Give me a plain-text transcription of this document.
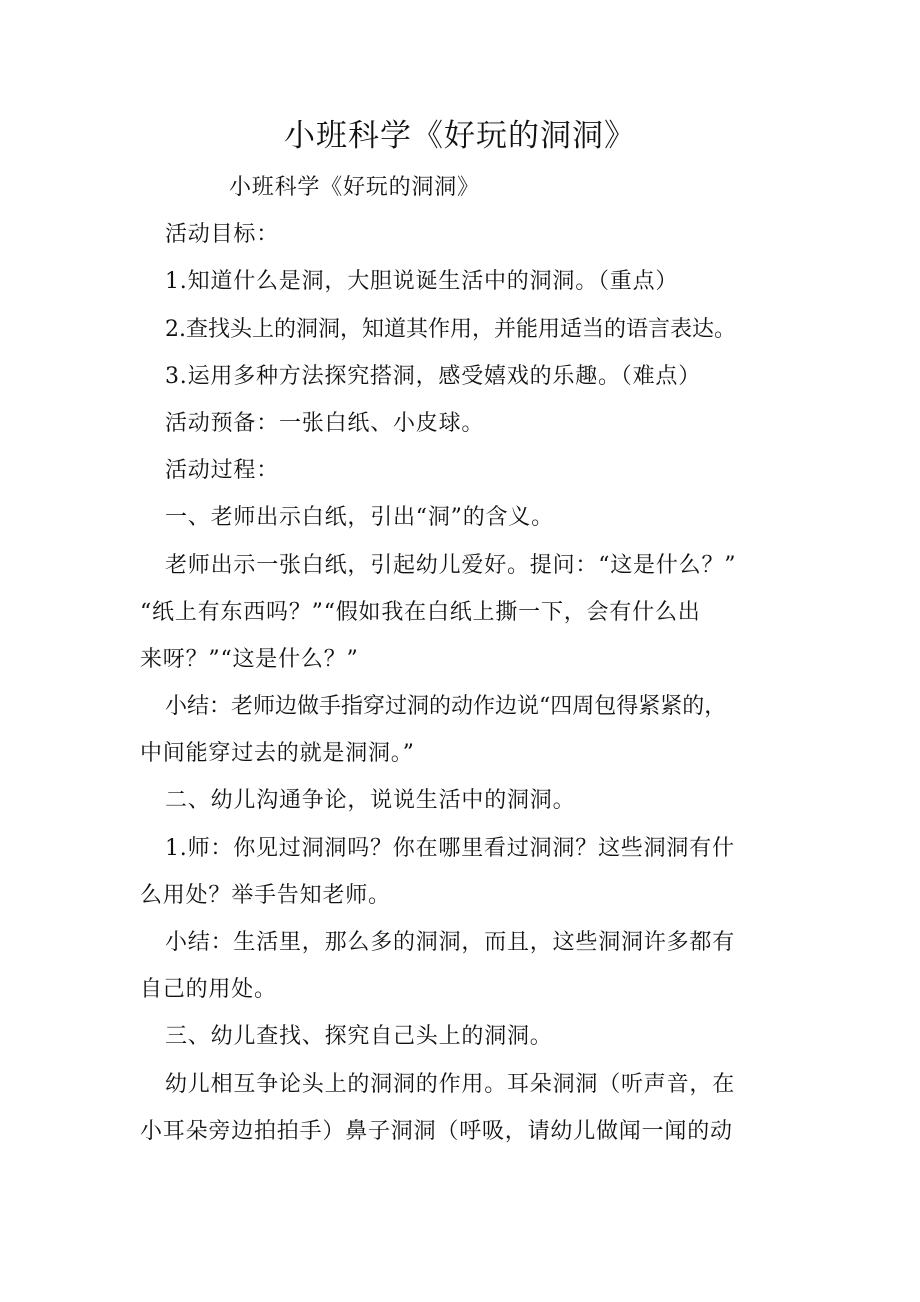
小班科学《好玩的洞洞》
小班科学《好玩的洞洞》
活动目标：
1.知道什么是洞，大胆说诞生活中的洞洞。（重点）
2.查找头上的洞洞，知道其作用，并能用适当的语言表达。
3.运用多种方法探究搭洞，感受嬉戏的乐趣。（难点）
活动预备：一张白纸、小皮球。
活动过程：
一、老师出示白纸，引出“洞”的含义。
老师出示一张白纸，引起幼儿爱好。提问：“这是什么？”
“纸上有东西吗？”“假如我在白纸上撕一下，会有什么出
来呀？”“这是什么？”
小结：老师边做手指穿过洞的动作边说“四周包得紧紧的，
中间能穿过去的就是洞洞。”
二、幼儿沟通争论，说说生活中的洞洞。
1.师：你见过洞洞吗？你在哪里看过洞洞？这些洞洞有什
么用处？举手告知老师。
小结：生活里，那么多的洞洞，而且，这些洞洞许多都有
自己的用处。
三、幼儿查找、探究自己头上的洞洞。
幼儿相互争论头上的洞洞的作用。耳朵洞洞（听声音，在
小耳朵旁边拍拍手）鼻子洞洞（呼吸，请幼儿做闻一闻的动
